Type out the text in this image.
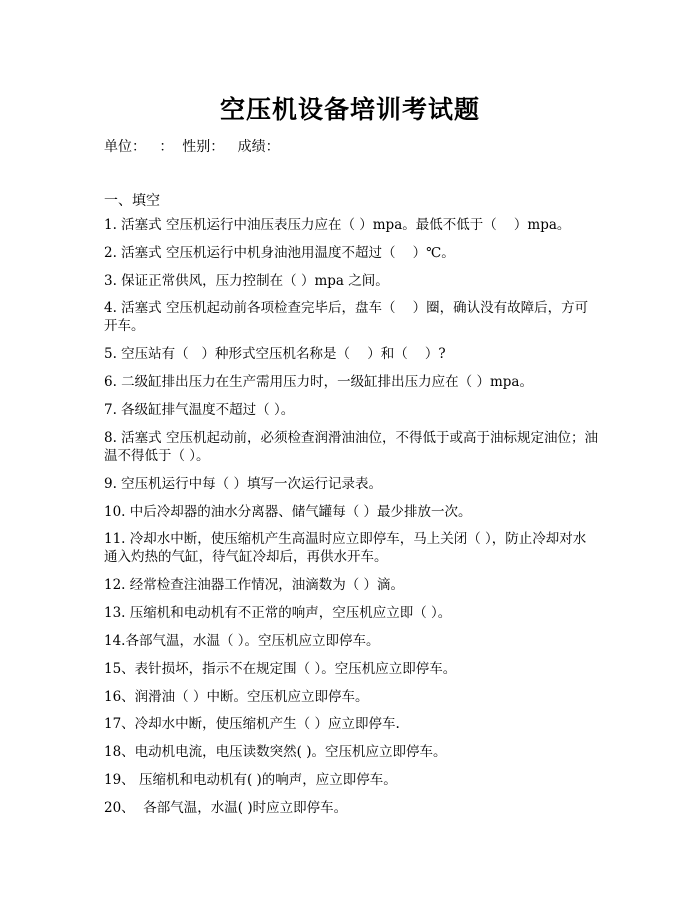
空压机设备培训考试题
单位：   ：  性别：   成绩：
一、填空
1. 活塞式 空压机运行中油压表压力应在（ ）mpa。最低不低于（    ）mpa。
2. 活塞式 空压机运行中机身油池用温度不超过（    ）℃。
3. 保证正常供风，压力控制在（ ）mpa 之间。
4. 活塞式 空压机起动前各项检查完毕后，盘车（    ）圈，确认没有故障后，方可开车。
5. 空压站有（   ）种形式空压机名称是（    ）和（    ）?
6. 二级缸排出压力在生产需用压力时，一级缸排出压力应在（ ）mpa。
7. 各级缸排气温度不超过（ ）。
8. 活塞式 空压机起动前，必须检查润滑油油位，不得低于或高于油标规定油位；油温不得低于（ ）。
9. 空压机运行中每（ ）填写一次运行记录表。
10. 中后冷却器的油水分离器、储气罐每（ ）最少排放一次。
11. 冷却水中断，使压缩机产生高温时应立即停车，马上关闭（ ），防止冷却对水通入灼热的气缸，待气缸冷却后，再供水开车。
12. 经常检查注油器工作情况，油滴数为（ ）滴。
13. 压缩机和电动机有不正常的响声，空压机应立即（ ）。
14.各部气温，水温（ ）。空压机应立即停车。
15、表针损坏，指示不在规定围（ ）。空压机应立即停车。
16、润滑油（ ）中断。空压机应立即停车。
17、冷却水中断，使压缩机产生（ ）应立即停车.
18、电动机电流，电压读数突然( )。空压机应立即停车。
19、 压缩机和电动机有( )的响声，应立即停车。
20、  各部气温，水温( )时应立即停车。
